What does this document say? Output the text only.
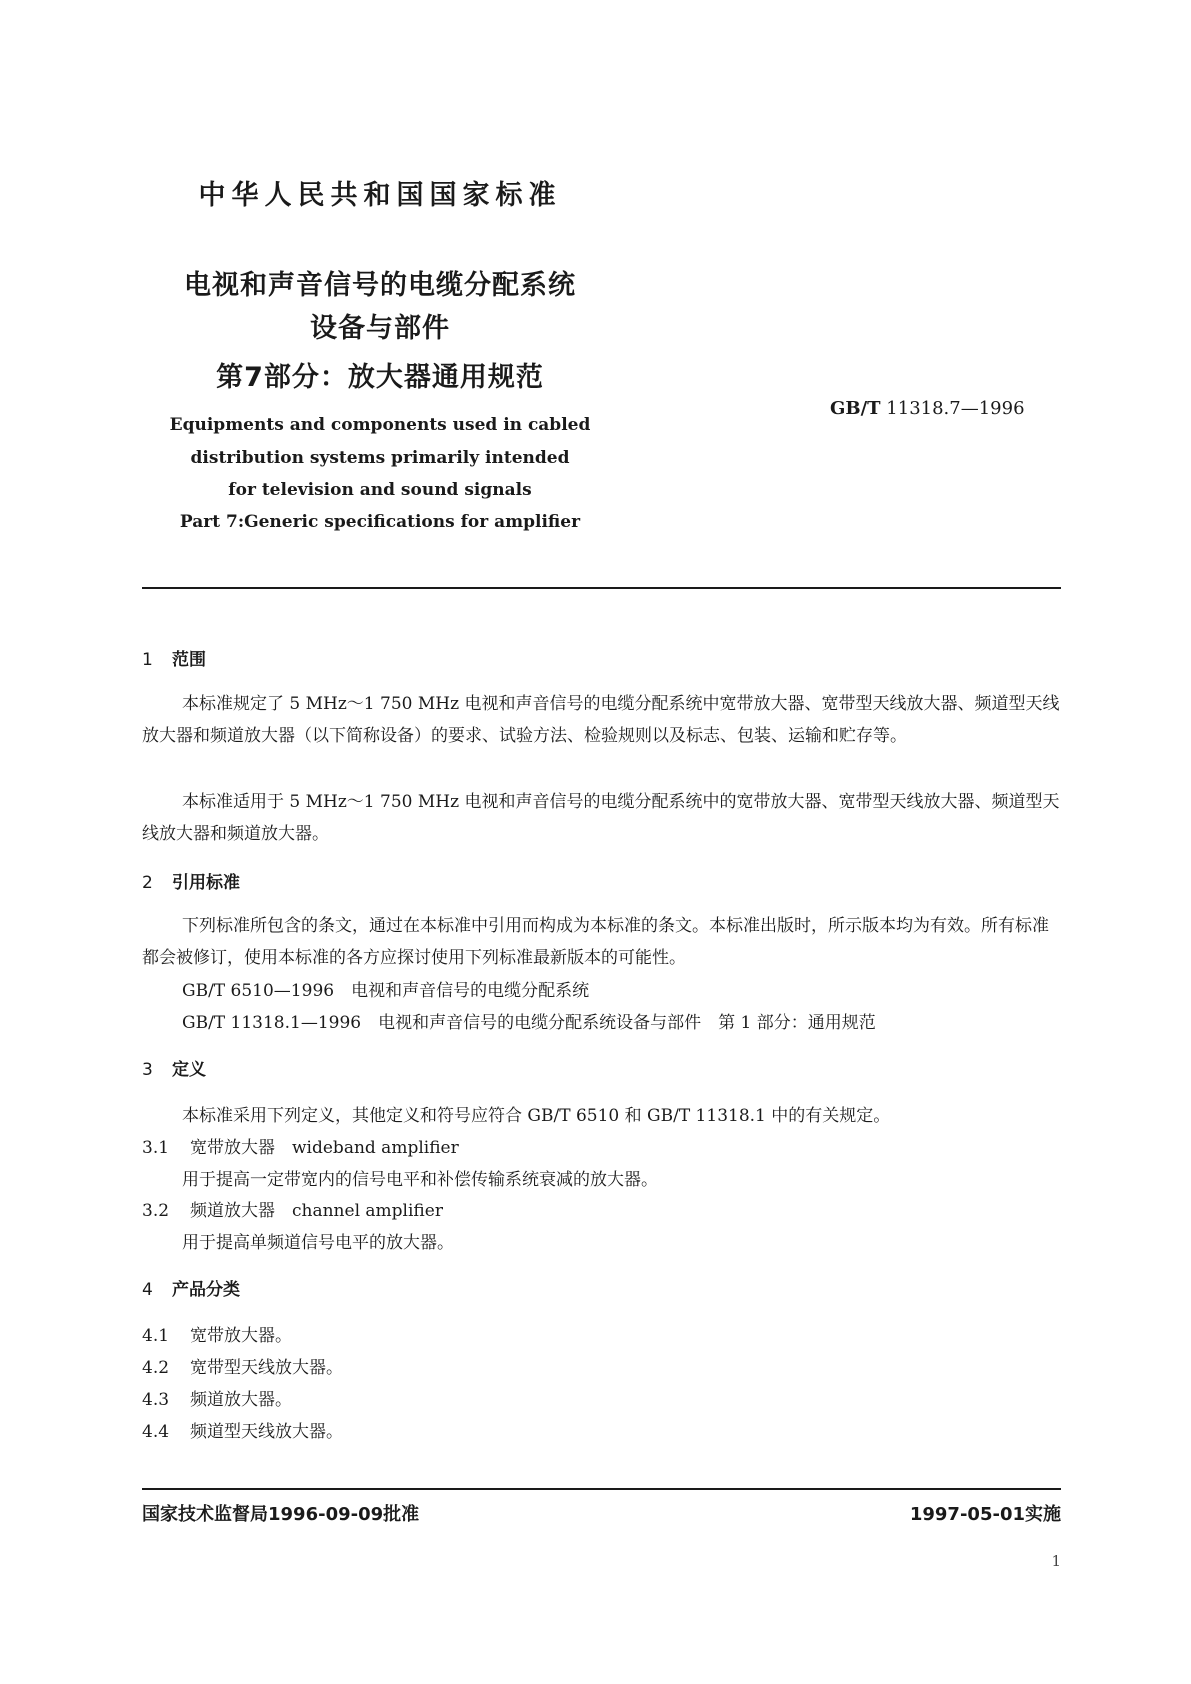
中华人民共和国国家标准
电视和声音信号的电缆分配系统
设备与部件
第7部分：放大器通用规范
GB/T 11318.7—1996
Equipments and components used in cabled
distribution systems primarily intended
for television and sound signals
Part 7:Generic specifications for amplifier
1 范围
本标准规定了 5 MHz～1 750 MHz 电视和声音信号的电缆分配系统中宽带放大器、宽带型天线放大器、频道型天线放大器和频道放大器（以下简称设备）的要求、试验方法、检验规则以及标志、包装、运输和贮存等。
本标准适用于 5 MHz～1 750 MHz 电视和声音信号的电缆分配系统中的宽带放大器、宽带型天线放大器、频道型天线放大器和频道放大器。
2 引用标准
下列标准所包含的条文，通过在本标准中引用而构成为本标准的条文。本标准出版时，所示版本均为有效。所有标准都会被修订，使用本标准的各方应探讨使用下列标准最新版本的可能性。
GB/T 6510—1996　电视和声音信号的电缆分配系统
GB/T 11318.1—1996　电视和声音信号的电缆分配系统设备与部件　第 1 部分：通用规范
3 定义
本标准采用下列定义，其他定义和符号应符合 GB/T 6510 和 GB/T 11318.1 中的有关规定。
3.1 宽带放大器　wideband amplifier
用于提高一定带宽内的信号电平和补偿传输系统衰减的放大器。
3.2 频道放大器　channel amplifier
用于提高单频道信号电平的放大器。
4 产品分类
4.1 宽带放大器。
4.2 宽带型天线放大器。
4.3 频道放大器。
4.4 频道型天线放大器。
国家技术监督局1996-09-09批准	1997-05-01实施
1
